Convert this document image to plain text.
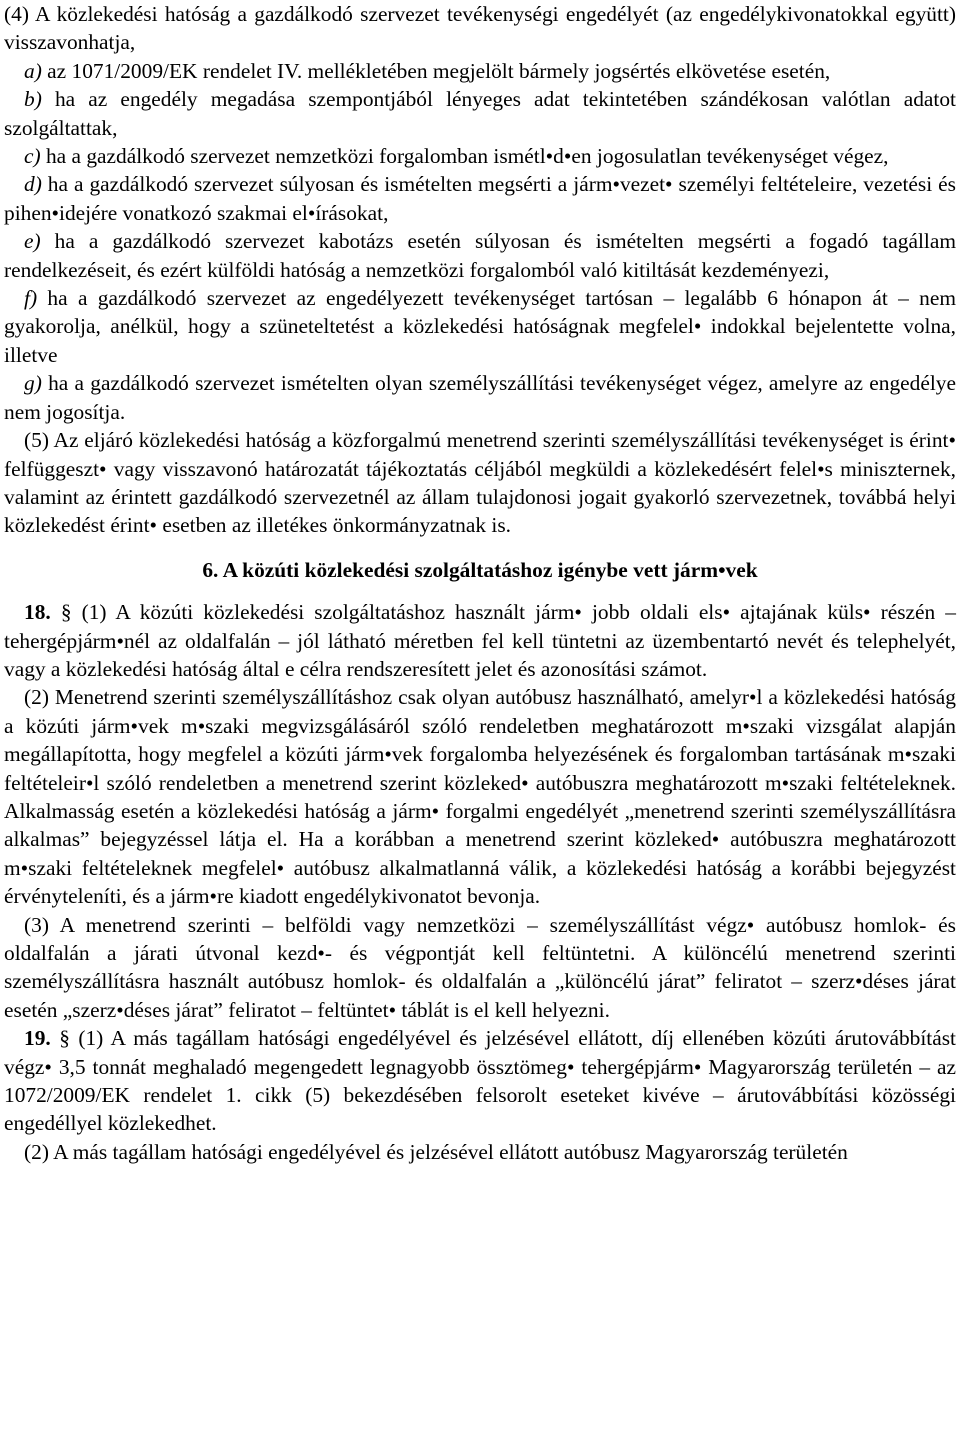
(4) A közlekedési hatóság a gazdálkodó szervezet tevékenységi engedélyét (az engedélykivonatokkal együtt) visszavonhatja,

a) az 1071/2009/EK rendelet IV. mellékletében megjelölt bármely jogsértés elkövetése esetén,

b) ha az engedély megadása szempontjából lényeges adat tekintetében szándékosan valótlan adatot szolgáltattak,

c) ha a gazdálkodó szervezet nemzetközi forgalomban ismétl•d•en jogosulatlan tevékenységet végez,

d) ha a gazdálkodó szervezet súlyosan és ismételten megsérti a járm•vezet• személyi feltételeire, vezetési és pihen•idejére vonatkozó szakmai el•írásokat,

e) ha a gazdálkodó szervezet kabotázs esetén súlyosan és ismételten megsérti a fogadó tagállam rendelkezéseit, és ezért külföldi hatóság a nemzetközi forgalomból való kitiltását kezdeményezi,

f) ha a gazdálkodó szervezet az engedélyezett tevékenységet tartósan – legalább 6 hónapon át – nem gyakorolja, anélkül, hogy a szüneteltetést a közlekedési hatóságnak megfelel• indokkal bejelentette volna, illetve

g) ha a gazdálkodó szervezet ismételten olyan személyszállítási tevékenységet végez, amelyre az engedélye nem jogosítja.

(5) Az eljáró közlekedési hatóság a közforgalmú menetrend szerinti személyszállítási tevékenységet is érint• felfüggeszt• vagy visszavonó határozatát tájékoztatás céljából megküldi a közlekedésért felel•s miniszternek, valamint az érintett gazdálkodó szervezetnél az állam tulajdonosi jogait gyakorló szervezetnek, továbbá helyi közlekedést érint• esetben az illetékes önkormányzatnak is.

6. A közúti közlekedési szolgáltatáshoz igénybe vett járm•vek

18. § (1) A közúti közlekedési szolgáltatáshoz használt járm• jobb oldali els• ajtajának küls• részén – tehergépjárm•nél az oldalfalán – jól látható méretben fel kell tüntetni az üzembentartó nevét és telephelyét, vagy a közlekedési hatóság által e célra rendszeresített jelet és azonosítási számot.

(2) Menetrend szerinti személyszállításhoz csak olyan autóbusz használható, amelyr•l a közlekedési hatóság a közúti járm•vek m•szaki megvizsgálásáról szóló rendeletben meghatározott m•szaki vizsgálat alapján megállapította, hogy megfelel a közúti járm•vek forgalomba helyezésének és forgalomban tartásának m•szaki feltételeir•l szóló rendeletben a menetrend szerint közleked• autóbuszra meghatározott m•szaki feltételeknek. Alkalmasság esetén a közlekedési hatóság a járm• forgalmi engedélyét „menetrend szerinti személyszállításra alkalmas” bejegyzéssel látja el. Ha a korábban a menetrend szerint közleked• autóbuszra meghatározott m•szaki feltételeknek megfelel• autóbusz alkalmatlanná válik, a közlekedési hatóság a korábbi bejegyzést érvényteleníti, és a járm•re kiadott engedélykivonatot bevonja.

(3) A menetrend szerinti – belföldi vagy nemzetközi – személyszállítást végz• autóbusz homlok- és oldalfalán a járati útvonal kezd•- és végpontját kell feltüntetni. A különcélú menetrend szerinti személyszállításra használt autóbusz homlok- és oldalfalán a „különcélú járat” feliratot – szerz•déses járat esetén „szerz•déses járat” feliratot – feltüntet• táblát is el kell helyezni.

19. § (1) A más tagállam hatósági engedélyével és jelzésével ellátott, díj ellenében közúti árutovábbítást végz• 3,5 tonnát meghaladó megengedett legnagyobb össztömeg• tehergépjárm• Magyarország területén – az 1072/2009/EK rendelet 1. cikk (5) bekezdésében felsorolt eseteket kivéve – árutovábbítási közösségi engedéllyel közlekedhet.

(2) A más tagállam hatósági engedélyével és jelzésével ellátott autóbusz Magyarország területén
